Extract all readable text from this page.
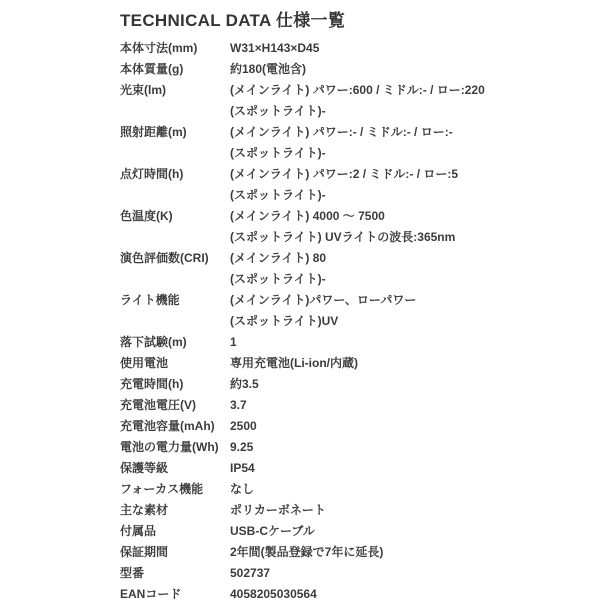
TECHNICAL DATA 仕様一覧
本体寸法(mm)	W31×H143×D45
本体質量(g)	約180(電池含)
光束(lm)	(メインライト) パワー:600 / ミドル:- / ロー:220
(スポットライト)-
照射距離(m)	(メインライト) パワー:- / ミドル:- / ロー:-
(スポットライト)-
点灯時間(h)	(メインライト) パワー:2 / ミドル:- / ロー:5
(スポットライト)-
色温度(K)	(メインライト) 4000 〜 7500
(スポットライト) UVライトの波長:365nm
演色評価数(CRI)	(メインライト) 80
(スポットライト)-
ライト機能	(メインライト)パワー、ローパワー
(スポットライト)UV
落下試験(m)	1
使用電池	専用充電池(Li-ion/内蔵)
充電時間(h)	約3.5
充電池電圧(V)	3.7
充電池容量(mAh)	2500
電池の電力量(Wh) 9.25
保護等級	IP54
フォーカス機能	なし
主な素材	ポリカーボネート
付属品	USB-Cケーブル
保証期間	2年間(製品登録で7年に延長)
型番	502737
EANコード	4058205030564
